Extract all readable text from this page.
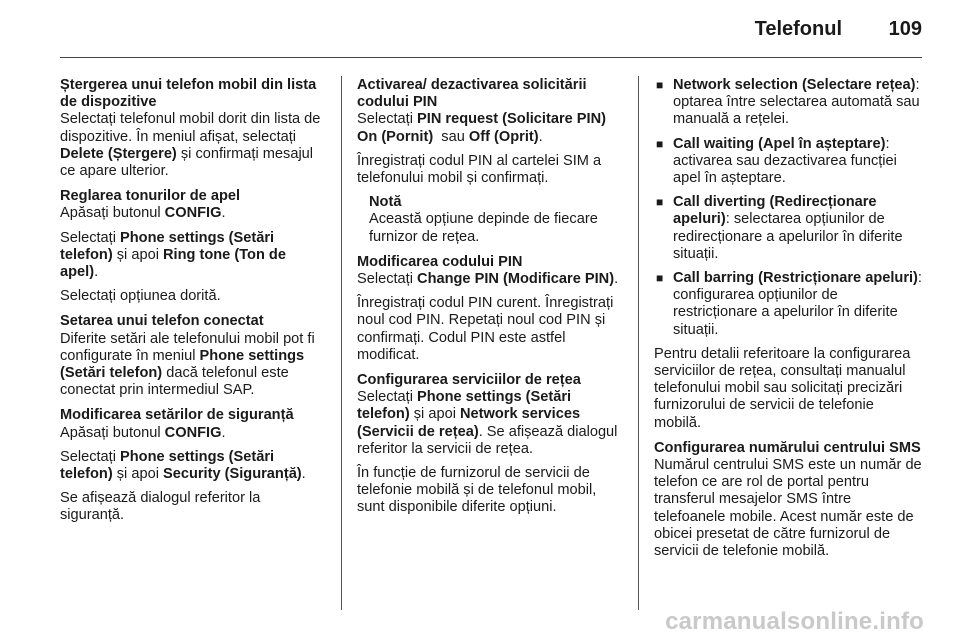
Telefonul 109
Ștergerea unui telefon mobil din lista de dispozitive
Selectați telefonul mobil dorit din lista de dispozitive. În meniul afișat, selectați Delete (Ștergere) și confirmați mesajul ce apare ulterior.
Reglarea tonurilor de apel
Apăsați butonul CONFIG.
Selectați Phone settings (Setări telefon) și apoi Ring tone (Ton de apel).
Selectați opțiunea dorită.
Setarea unui telefon conectat
Diferite setări ale telefonului mobil pot fi configurate în meniul Phone settings (Setări telefon) dacă telefonul este conectat prin intermediul SAP.
Modificarea setărilor de siguranță
Apăsați butonul CONFIG.
Selectați Phone settings (Setări telefon) și apoi Security (Siguranță).
Se afișează dialogul referitor la siguranță.
Activarea/ dezactivarea solicitării codului PIN
Selectați PIN request (Solicitare PIN) On (Pornit)  sau Off (Oprit).
Înregistrați codul PIN al cartelei SIM a telefonului mobil și confirmați.
Notă
Această opțiune depinde de fiecare furnizor de rețea.
Modificarea codului PIN
Selectați Change PIN (Modificare PIN).
Înregistrați codul PIN curent. Înregistrați noul cod PIN. Repetați noul cod PIN și confirmați. Codul PIN este astfel modificat.
Configurarea serviciilor de rețea
Selectați Phone settings (Setări telefon) și apoi Network services (Servicii de rețea). Se afișează dialogul referitor la servicii de rețea.
În funcție de furnizorul de servicii de telefonie mobilă și de telefonul mobil, sunt disponibile diferite opțiuni.
■ Network selection (Selectare rețea): optarea între selectarea automată sau manuală a rețelei.
■ Call waiting (Apel în așteptare): activarea sau dezactivarea funcției apel în așteptare.
■ Call diverting (Redirecționare apeluri): selectarea opțiunilor de redirecționare a apelurilor în diferite situații.
■ Call barring (Restricționare apeluri): configurarea opțiunilor de restricționare a apelurilor în diferite situații.
Pentru detalii referitoare la configurarea serviciilor de rețea, consultați manualul telefonului mobil sau solicitați precizări furnizorului de servicii de telefonie mobilă.
Configurarea numărului centrului SMS
Numărul centrului SMS este un număr de telefon ce are rol de portal pentru transferul mesajelor SMS între telefoanele mobile. Acest număr este de obicei presetat de către furnizorul de servicii de telefonie mobilă.
carmanualsonline.info
